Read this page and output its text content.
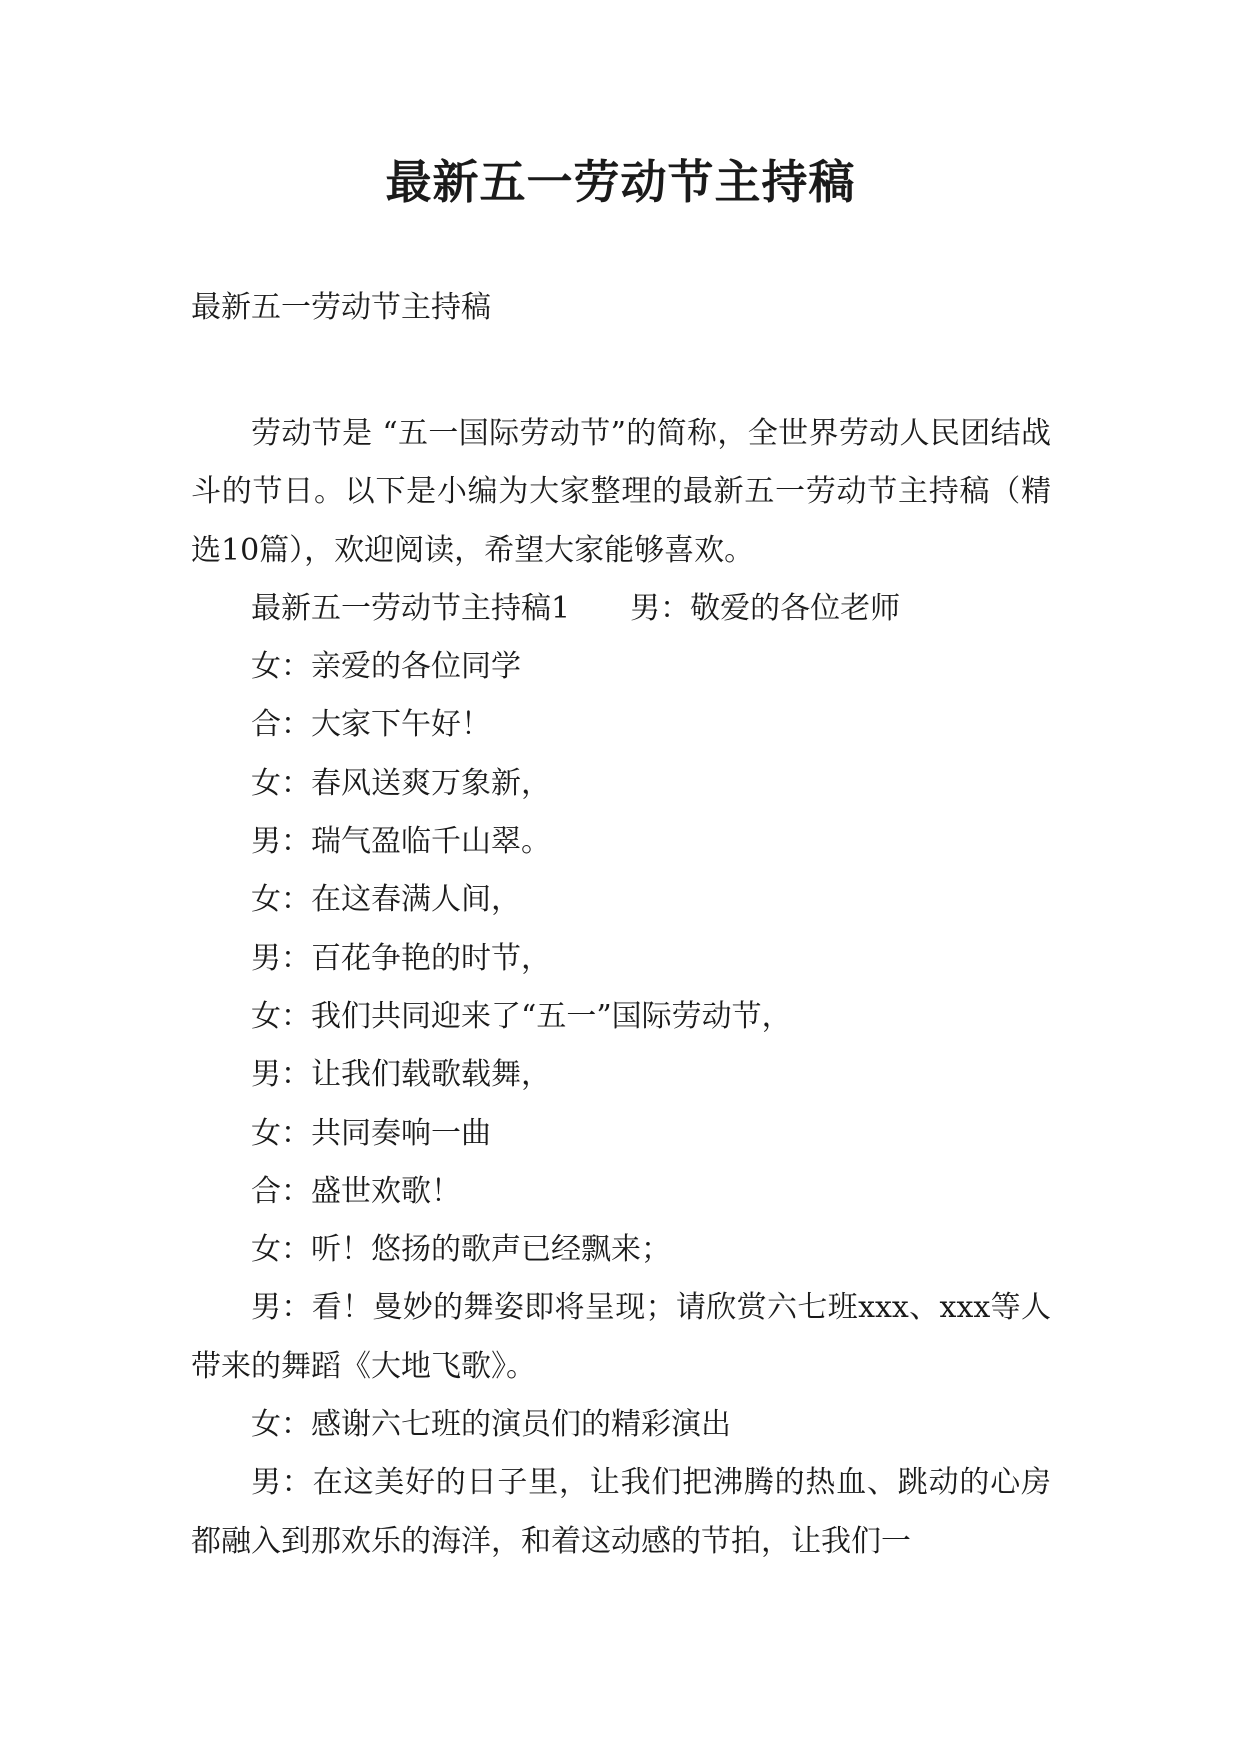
最新五一劳动节主持稿
最新五一劳动节主持稿

劳动节是 “五一国际劳动节”的简称，全世界劳动人民团结战斗的节日。以下是小编为大家整理的最新五一劳动节主持稿（精选10篇），欢迎阅读，希望大家能够喜欢。

最新五一劳动节主持稿1　　男：敬爱的各位老师

女：亲爱的各位同学

合：大家下午好！

女：春风送爽万象新，

男：瑞气盈临千山翠。

女：在这春满人间，

男：百花争艳的时节，

女：我们共同迎来了“五一”国际劳动节，

男：让我们载歌载舞，

女：共同奏响一曲

合：盛世欢歌！

女：听！悠扬的歌声已经飘来；

男：看！曼妙的舞姿即将呈现；请欣赏六七班xxx、xxx等人带来的舞蹈《大地飞歌》。

女：感谢六七班的演员们的精彩演出

男：在这美好的日子里，让我们把沸腾的热血、跳动的心房都融入到那欢乐的海洋，和着这动感的节拍，让我们一
